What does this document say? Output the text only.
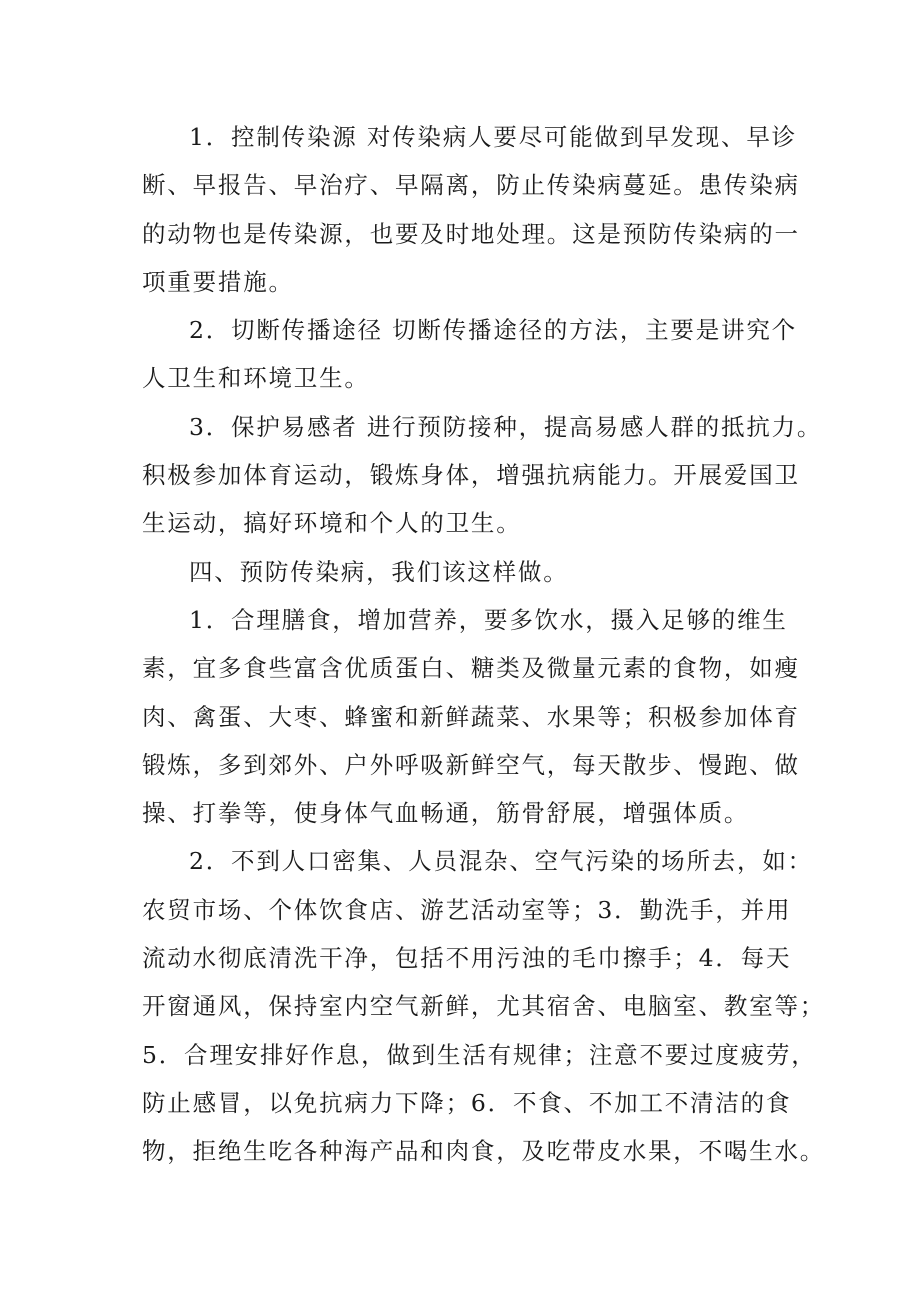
1．控制传染源 对传染病人要尽可能做到早发现、早诊
断、早报告、早治疗、早隔离，防止传染病蔓延。患传染病
的动物也是传染源，也要及时地处理。这是预防传染病的一
项重要措施。

2．切断传播途径 切断传播途径的方法，主要是讲究个
人卫生和环境卫生。

3．保护易感者 进行预防接种，提高易感人群的抵抗力。
积极参加体育运动，锻炼身体，增强抗病能力。开展爱国卫
生运动，搞好环境和个人的卫生。

四、预防传染病，我们该这样做。

1．合理膳食，增加营养，要多饮水，摄入足够的维生
素，宜多食些富含优质蛋白、糖类及微量元素的食物，如瘦
肉、禽蛋、大枣、蜂蜜和新鲜蔬菜、水果等；积极参加体育
锻炼，多到郊外、户外呼吸新鲜空气，每天散步、慢跑、做
操、打拳等，使身体气血畅通，筋骨舒展，增强体质。

2．不到人口密集、人员混杂、空气污染的场所去，如：
农贸市场、个体饮食店、游艺活动室等；3．勤洗手，并用
流动水彻底清洗干净，包括不用污浊的毛巾擦手；4．每天
开窗通风，保持室内空气新鲜，尤其宿舍、电脑室、教室等；
5．合理安排好作息，做到生活有规律；注意不要过度疲劳，
防止感冒，以免抗病力下降；6．不食、不加工不清洁的食
物，拒绝生吃各种海产品和肉食，及吃带皮水果，不喝生水。
